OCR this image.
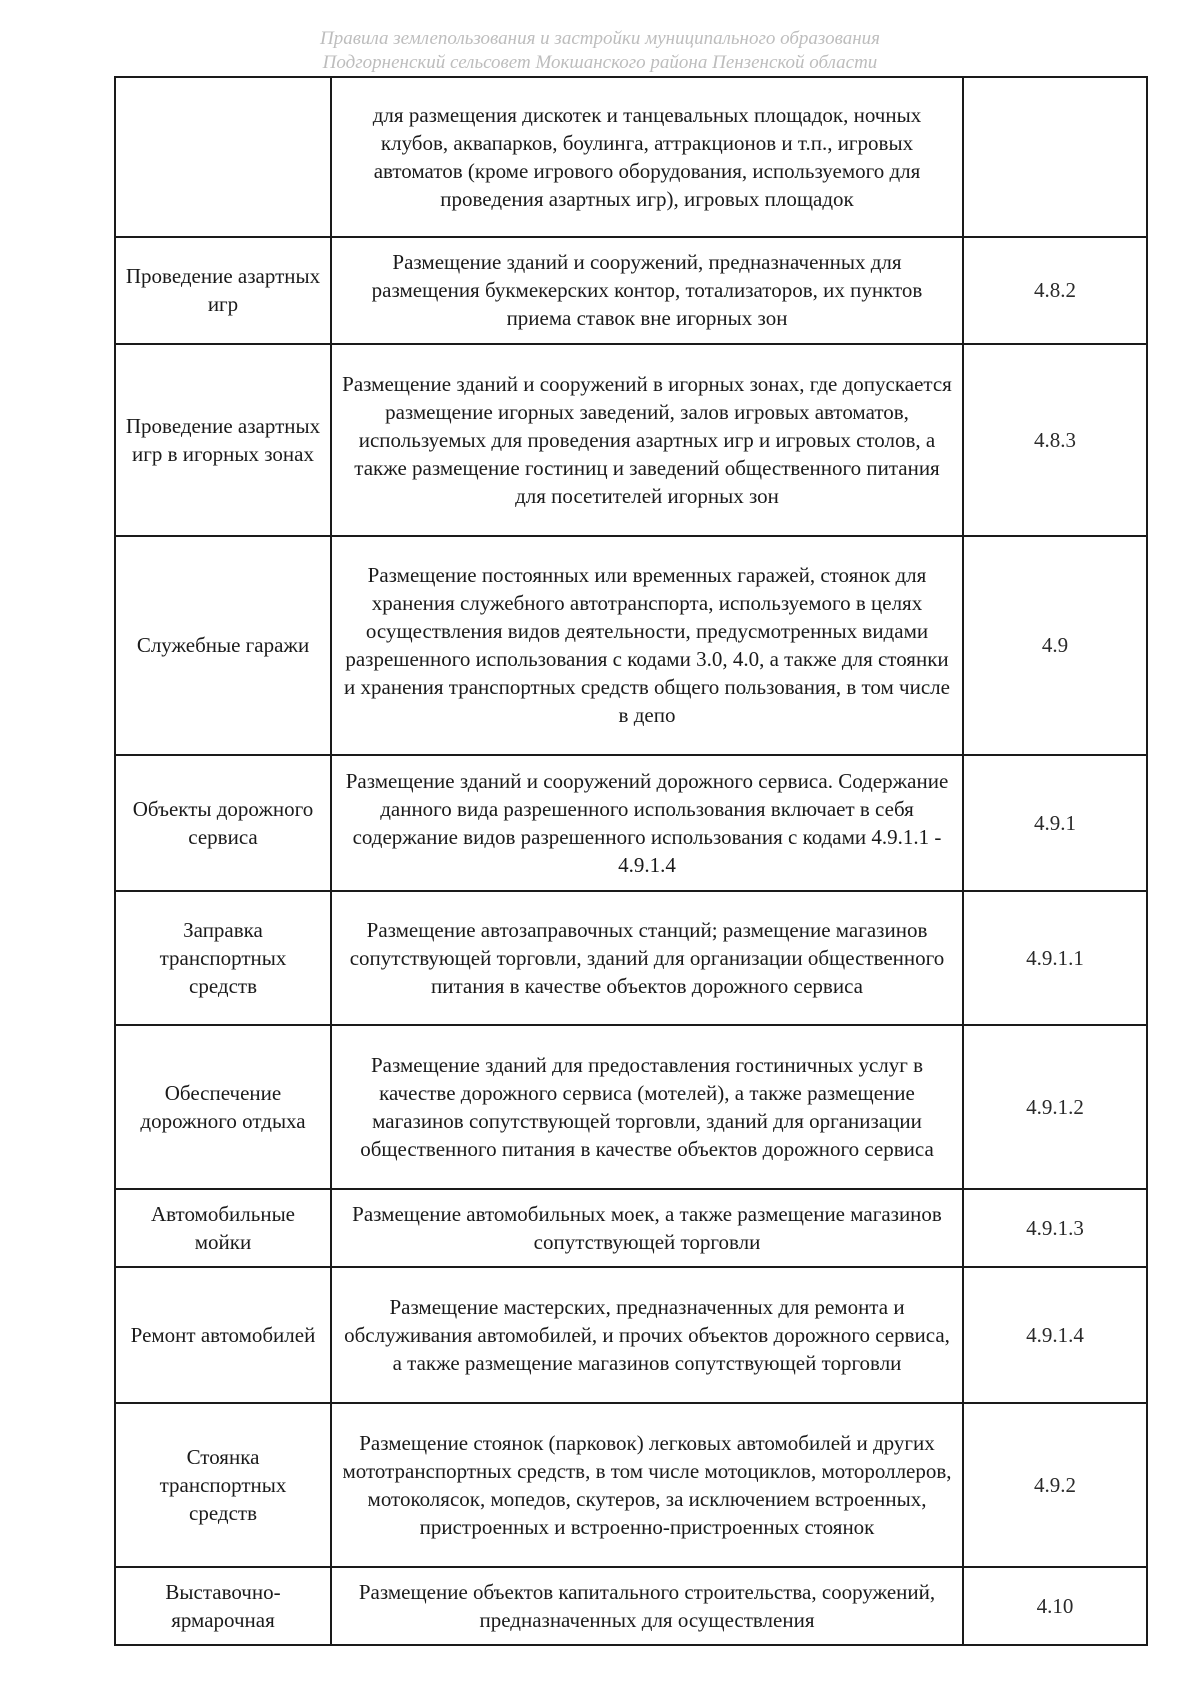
Правила землепользования и застройки муниципального образования
Подгорненский сельсовет Мокшанского района Пензенской области
	для размещения дискотек и танцевальных площадок, ночных клубов, аквапарков, боулинга, аттракционов и т.п., игровых автоматов (кроме игрового оборудования, используемого для проведения азартных игр), игровых площадок	
Проведение азартных игр	Размещение зданий и сооружений, предназначенных для размещения букмекерских контор, тотализаторов, их пунктов приема ставок вне игорных зон	4.8.2
Проведение азартных игр в игорных зонах	Размещение зданий и сооружений в игорных зонах, где допускается размещение игорных заведений, залов игровых автоматов, используемых для проведения азартных игр и игровых столов, а также размещение гостиниц и заведений общественного питания для посетителей игорных зон	4.8.3
Служебные гаражи	Размещение постоянных или временных гаражей, стоянок для хранения служебного автотранспорта, используемого в целях осуществления видов деятельности, предусмотренных видами разрешенного использования с кодами 3.0, 4.0, а также для стоянки и хранения транспортных средств общего пользования, в том числе в депо	4.9
Объекты дорожного сервиса	Размещение зданий и сооружений дорожного сервиса. Содержание данного вида разрешенного использования включает в себя содержание видов разрешенного использования с кодами 4.9.1.1 - 4.9.1.4	4.9.1
Заправка транспортных средств	Размещение автозаправочных станций; размещение магазинов сопутствующей торговли, зданий для организации общественного питания в качестве объектов дорожного сервиса	4.9.1.1
Обеспечение дорожного отдыха	Размещение зданий для предоставления гостиничных услуг в качестве дорожного сервиса (мотелей), а также размещение магазинов сопутствующей торговли, зданий для организации общественного питания в качестве объектов дорожного сервиса	4.9.1.2
Автомобильные мойки	Размещение автомобильных моек, а также размещение магазинов сопутствующей торговли	4.9.1.3
Ремонт автомобилей	Размещение мастерских, предназначенных для ремонта и обслуживания автомобилей, и прочих объектов дорожного сервиса, а также размещение магазинов сопутствующей торговли	4.9.1.4
Стоянка транспортных средств	Размещение стоянок (парковок) легковых автомобилей и других мототранспортных средств, в том числе мотоциклов, мотороллеров, мотоколясок, мопедов, скутеров, за исключением встроенных, пристроенных и встроенно-пристроенных стоянок	4.9.2
Выставочно-ярмарочная	Размещение объектов капитального строительства, сооружений, предназначенных для осуществления	4.10
